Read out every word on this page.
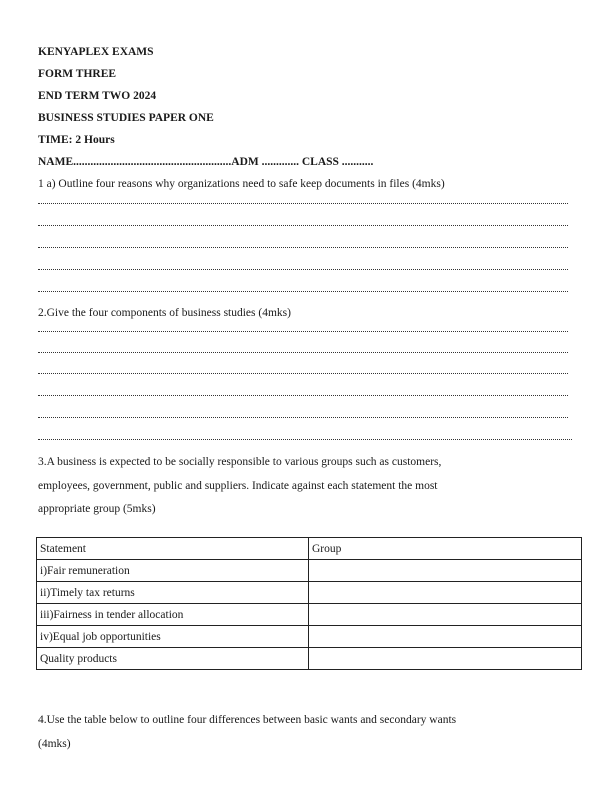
KENYAPLEX EXAMS
FORM THREE
END TERM TWO 2024
BUSINESS STUDIES PAPER ONE
TIME: 2 Hours
NAME.......................................................ADM ............. CLASS ...........
1 a) Outline four reasons why organizations need to safe keep documents in files (4mks)
2.Give the four components of business studies (4mks)
3.A business is expected to be socially responsible to various groups such as customers,
employees, government, public and suppliers. Indicate against each statement the most
appropriate group (5mks)
Statement	Group
i)Fair remuneration	
ii)Timely tax returns	
iii)Fairness in tender allocation	
iv)Equal job opportunities	
Quality products	
4.Use the table below to outline four differences between basic wants and secondary wants
(4mks)
